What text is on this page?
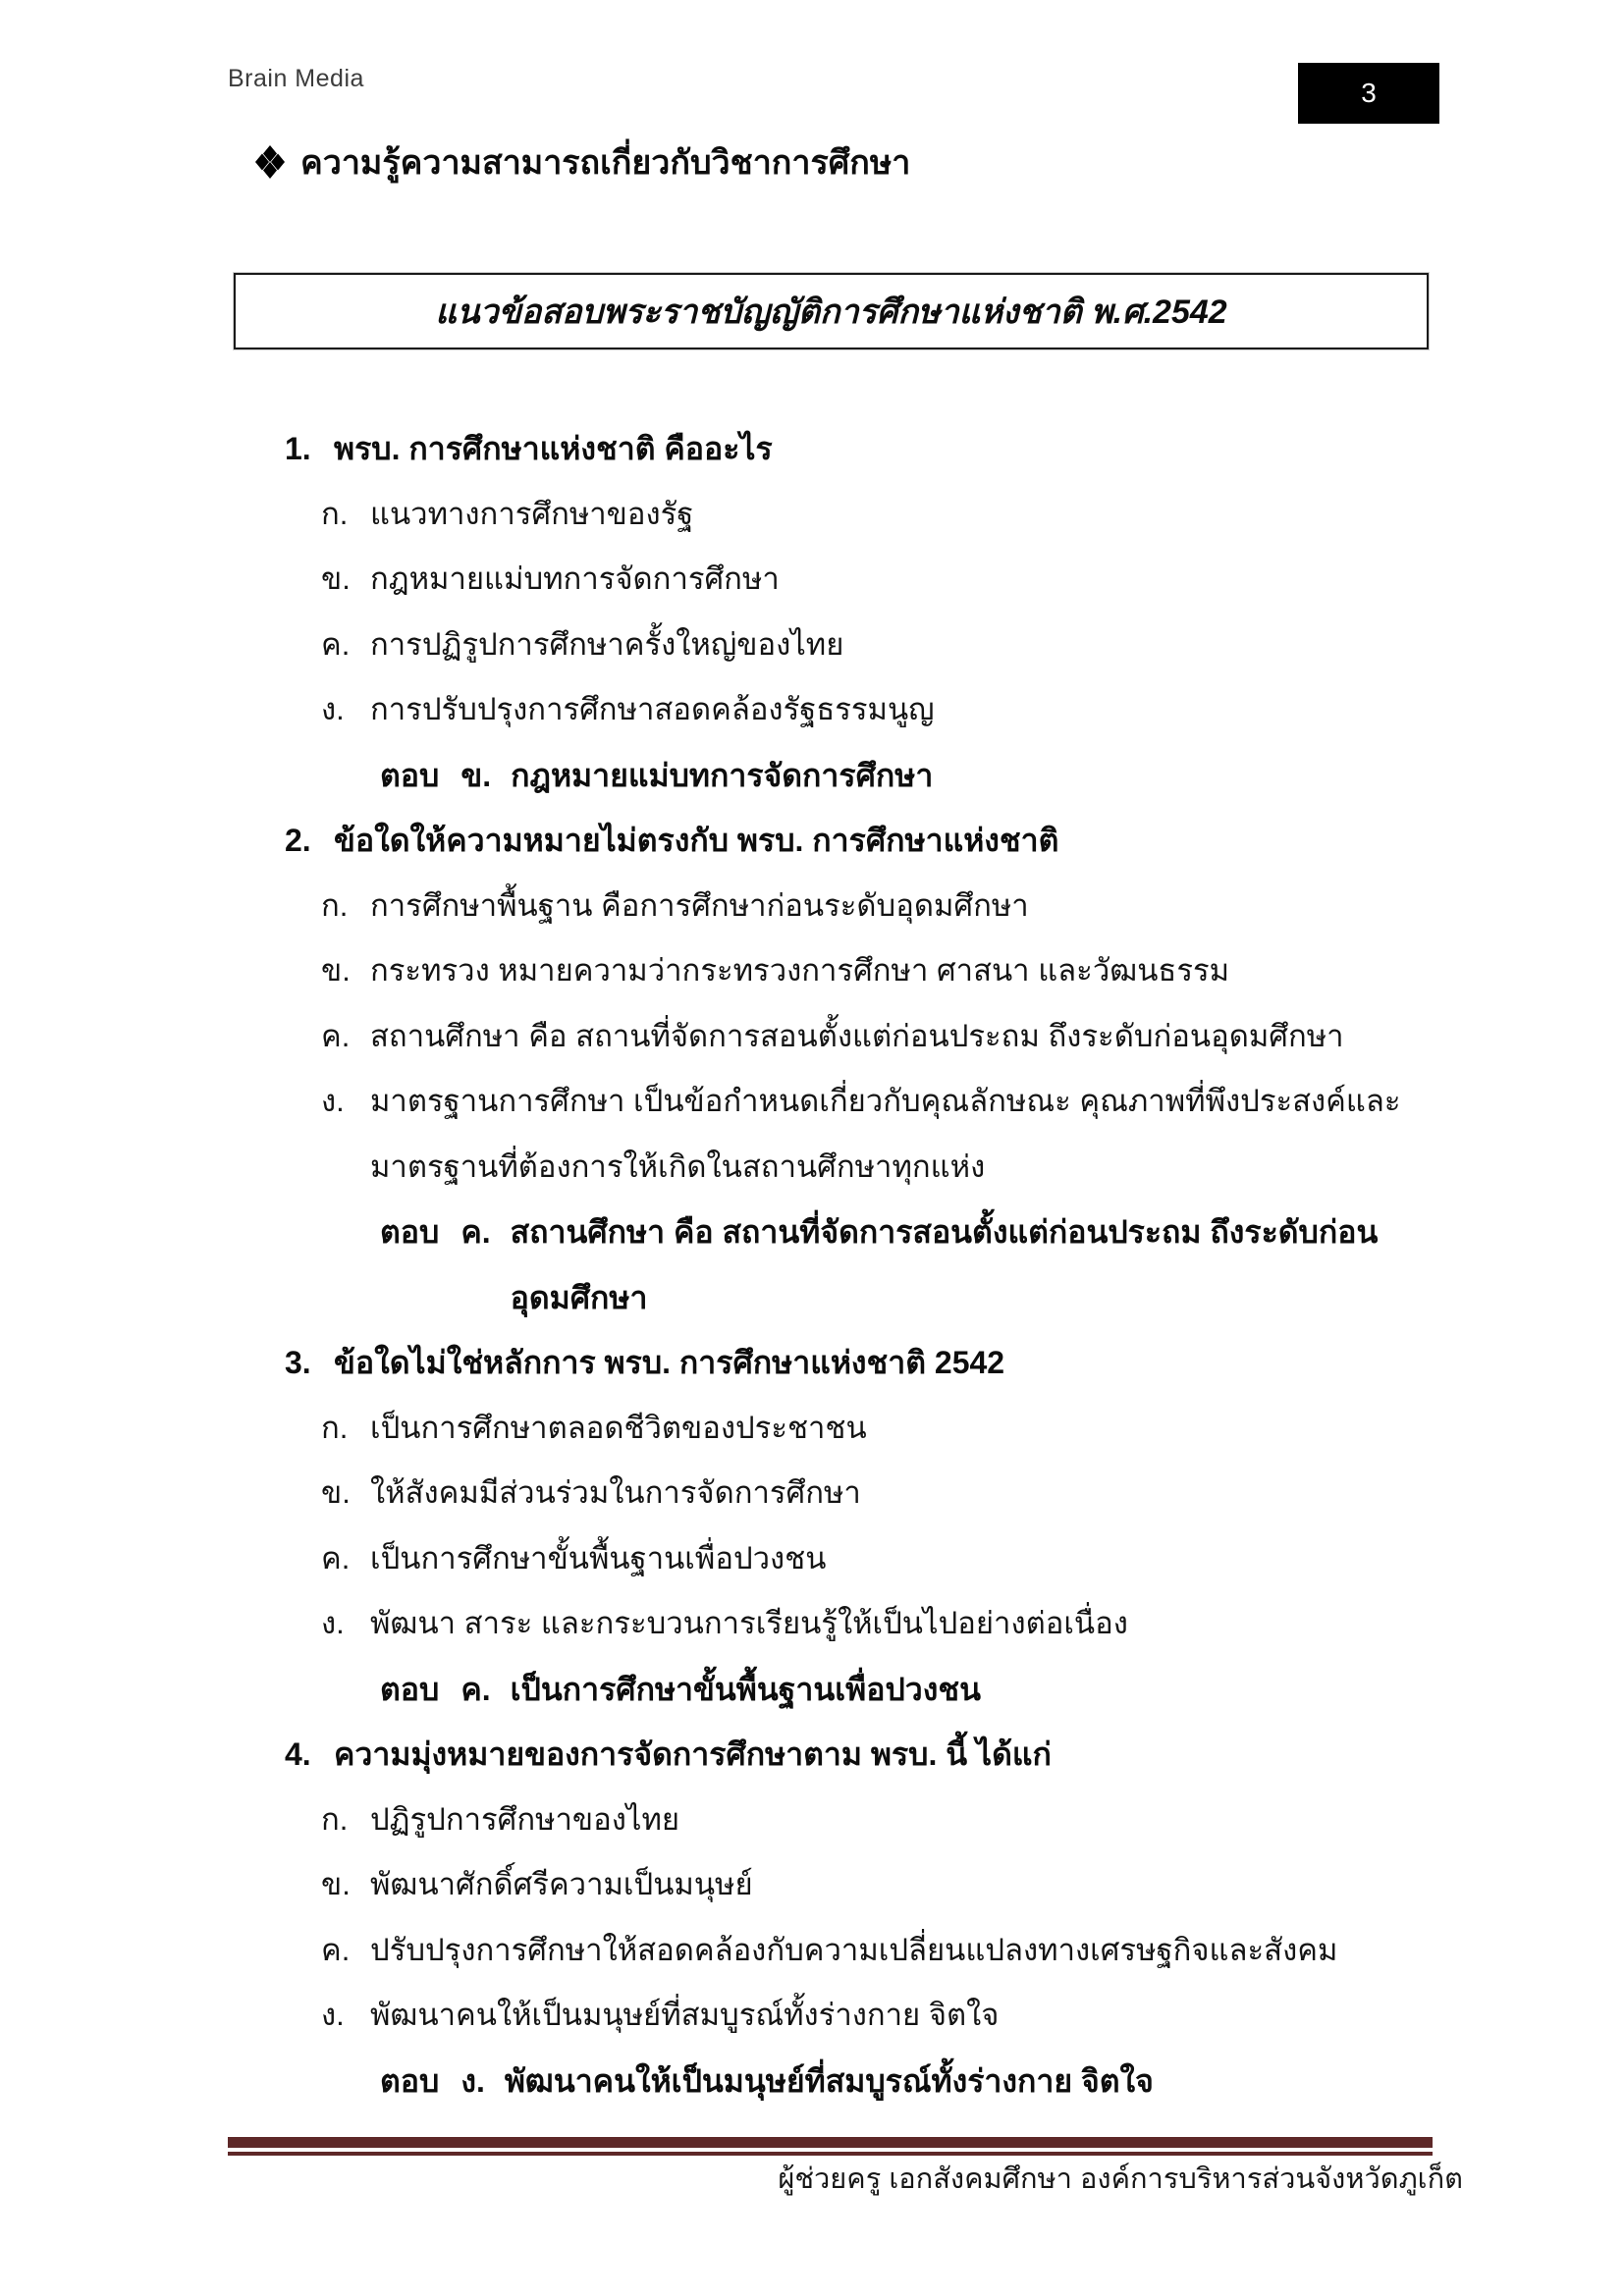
Brain Media	3
ความรู้ความสามารถเกี่ยวกับวิชาการศึกษา
แนวข้อสอบพระราชบัญญัติการศึกษาแห่งชาติ พ.ศ.2542
1. พรบ. การศึกษาแห่งชาติ คืออะไร
ก. แนวทางการศึกษาของรัฐ
ข. กฎหมายแม่บทการจัดการศึกษา
ค. การปฏิรูปการศึกษาครั้งใหญ่ของไทย
ง. การปรับปรุงการศึกษาสอดคล้องรัฐธรรมนูญ
ตอบ ข. กฎหมายแม่บทการจัดการศึกษา
2. ข้อใดให้ความหมายไม่ตรงกับ พรบ. การศึกษาแห่งชาติ
ก. การศึกษาพื้นฐาน คือการศึกษาก่อนระดับอุดมศึกษา
ข. กระทรวง หมายความว่ากระทรวงการศึกษา ศาสนา และวัฒนธรรม
ค. สถานศึกษา คือ สถานที่จัดการสอนตั้งแต่ก่อนประถม ถึงระดับก่อนอุดมศึกษา
ง. มาตรฐานการศึกษา เป็นข้อกำหนดเกี่ยวกับคุณลักษณะ คุณภาพที่พึงประสงค์และมาตรฐานที่ต้องการให้เกิดในสถานศึกษาทุกแห่ง
ตอบ ค. สถานศึกษา คือ สถานที่จัดการสอนตั้งแต่ก่อนประถม ถึงระดับก่อนอุดมศึกษา
3. ข้อใดไม่ใช่หลักการ พรบ. การศึกษาแห่งชาติ 2542
ก. เป็นการศึกษาตลอดชีวิตของประชาชน
ข. ให้สังคมมีส่วนร่วมในการจัดการศึกษา
ค. เป็นการศึกษาขั้นพื้นฐานเพื่อปวงชน
ง. พัฒนา สาระ และกระบวนการเรียนรู้ให้เป็นไปอย่างต่อเนื่อง
ตอบ ค. เป็นการศึกษาขั้นพื้นฐานเพื่อปวงชน
4. ความมุ่งหมายของการจัดการศึกษาตาม พรบ. นี้ ได้แก่
ก. ปฏิรูปการศึกษาของไทย
ข. พัฒนาศักดิ์ศรีความเป็นมนุษย์
ค. ปรับปรุงการศึกษาให้สอดคล้องกับความเปลี่ยนแปลงทางเศรษฐกิจและสังคม
ง. พัฒนาคนให้เป็นมนุษย์ที่สมบูรณ์ทั้งร่างกาย จิตใจ
ตอบ ง. พัฒนาคนให้เป็นมนุษย์ที่สมบูรณ์ทั้งร่างกาย จิตใจ
ผู้ช่วยครู เอกสังคมศึกษา องค์การบริหารส่วนจังหวัดภูเก็ต
